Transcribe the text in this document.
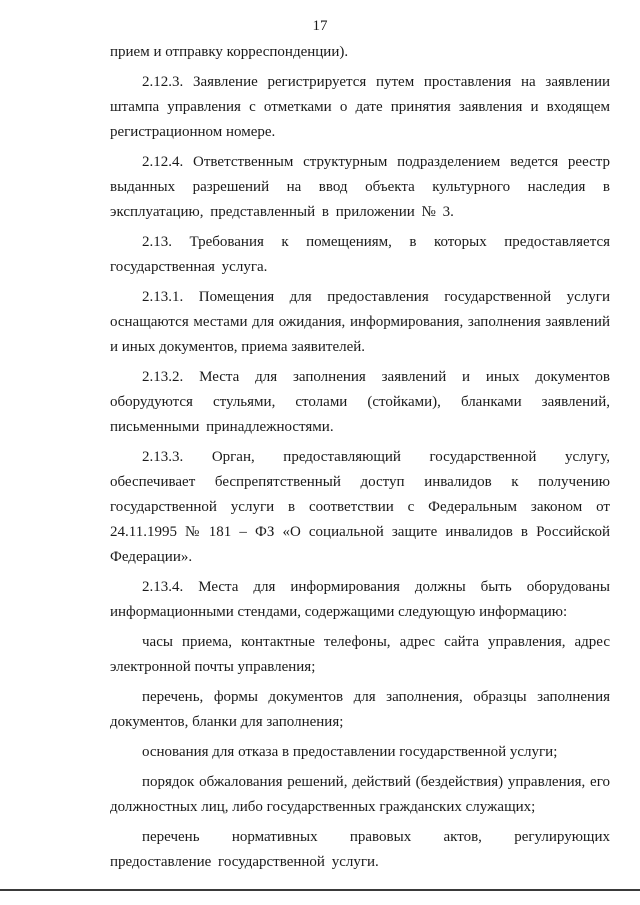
17

прием и отправку корреспонденции).

2.12.3. Заявление регистрируется путем проставления на заявлении штампа управления с отметками о дате принятия заявления и входящем регистрационном номере.

2.12.4. Ответственным структурным подразделением ведется реестр выданных разрешений на ввод объекта культурного наследия в эксплуатацию, представленный в приложении № 3.

2.13. Требования к помещениям, в которых предоставляется государственная услуга.

2.13.1. Помещения для предоставления государственной услуги оснащаются местами для ожидания, информирования, заполнения заявлений и иных документов, приема заявителей.

2.13.2. Места для заполнения заявлений и иных документов оборудуются стульями, столами (стойками), бланками заявлений, письменными принадлежностями.

2.13.3. Орган, предоставляющий государственной услугу, обеспечивает беспрепятственный доступ инвалидов к получению государственной услуги в соответствии с Федеральным законом от 24.11.1995 № 181 – ФЗ «О социальной защите инвалидов в Российской Федерации».

2.13.4. Места для информирования должны быть оборудованы информационными стендами, содержащими следующую информацию:

часы приема, контактные телефоны, адрес сайта управления, адрес электронной почты управления;

перечень, формы документов для заполнения, образцы заполнения документов, бланки для заполнения;

основания для отказа в предоставлении государственной услуги;

порядок обжалования решений, действий (бездействия) управления, его должностных лиц, либо государственных гражданских служащих;

перечень нормативных правовых актов, регулирующих предоставление государственной услуги.
